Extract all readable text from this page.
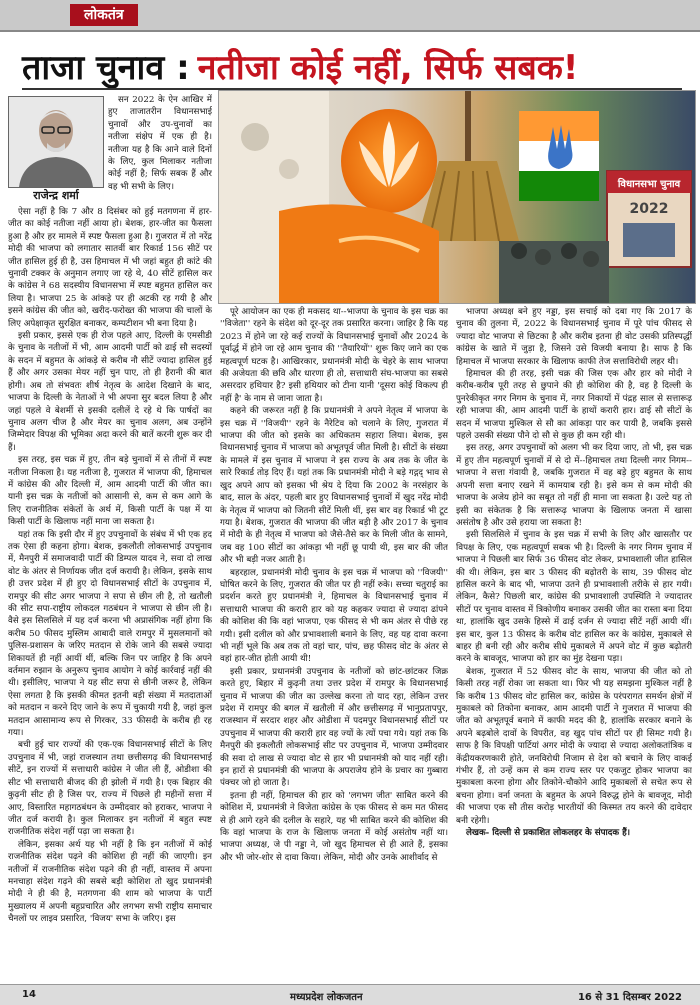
लोकतंत्र
ताजा चुनाव : नतीजा कोई नहीं, सिर्फ सबक!
राजेन्द्र शर्मा

सन 2022 के ऐन आखिर में हुए ताजातरीन विधानसभाई चुनावों और उप-चुनावों का नतीजा संक्षेप में एक ही है। नतीजा यह है कि आने वाले दिनों के लिए, कुल मिलाकर नतीजा कोई नहीं है; सिर्फ सबक हैं और वह भी सभी के लिए।

ऐसा नहीं है कि 7 और 8 दिसंबर को हुई मतगणना में हार-जीत का कोई नतीजा नहीं आया हो। बेशक, हार-जीत का फैसला हुआ है और हर मामले में स्पष्ट फैसला हुआ है। गुजरात में तो नरेंद्र मोदी की भाजपा को लगातार सातवीं बार रिकार्ड 156 सीटें पर जीत हासिल हुई ही है, उस हिमाचल में भी जहां बहुत ही कांटे की चुनावी टक्कर के अनुमान लगाए जा रहे थे, 40 सीटें हासिल कर के कांग्रेस ने 68 सदस्यीय विधानसभा में स्पष्ट बहुमत हासिल कर लिया है। भाजपा 25 के आंकड़े पर ही अटकी रह गयी है और इसने कांग्रेस की जीत को, खरीद-फरोख्त की भाजपा की चालों के लिए अपेक्षाकृत सुरक्षित बनाकर, कम्पटीशन भी बना दिया है।

इसी प्रकार, इससे एक ही रोज पहले आए, दिल्ली के एमसीडी के चुनाव के नतीजों में भी, आम आदमी पार्टी को ढाई सौ सदस्यों के सदन में बहुमत के आंकड़े से करीब नौ सीटें ज्यादा हासिल हुई हैं और अगर उसका मेयर नहीं चुन पाए, तो ही हैरानी की बात होगी। अब तो संभवतः शीर्ष नेतृत्व के आदेश दिखाने के बाद, भाजपा के दिल्ली के नेताओं ने भी अपना सुर बदल लिया है और जहां पहले वे बेशर्मी से इसकी दलीलें दे रहे थे कि पार्षदों का चुनाव अलग चीज है और मेयर का चुनाव अलग, अब उन्होंने जिम्मेदार विपक्ष की भूमिका अदा करने की बातें करनी शुरू कर दी हैं।

इस तरह, इस चक्र में हुए, तीन बड़े चुनावों में से तीनों में स्पष्ट नतीजा निकला है। यह नतीजा है, गुजरात में भाजपा की, हिमाचल में कांग्रेस की और दिल्ली में, आम आदमी पार्टी की जीत का। यानी इस चक्र के नतीजों को आसानी से, कम से कम आगे के लिए राजनीतिक संकेतों के अर्थ में, किसी पार्टी के पक्ष में या किसी पार्टी के खिलाफ नहीं माना जा सकता है।

यहां तक कि इसी दौर में हुए उपचुनावों के संबंध में भी एक हद तक ऐसा ही कहना होगा। बेशक, इकलौती लोकसभाई उपचुनाव में, मैनपुरी में समाजवादी पार्टी की डिम्पल यादव ने, सवा दो लाख वोट के अंतर से निर्णायक जीत दर्ज करायी है। लेकिन, इसके साथ ही उत्तर प्रदेश में ही हुए दो विधानसभाई सीटों के उपचुनाव में, रामपुर की सीट अगर भाजपा ने सपा से छीन ली है, तो खतौली की सीट सपा-राष्ट्रीय लोकदल गठबंधन ने भाजपा से छीन ली है। वैसे इस सिलसिले में यह दर्ज करना भी अप्रासंगिक नहीं होगा कि करीब 50 फीसद मुस्लिम आबादी वाले रामपुर में मुसलमानों को पुलिस-प्रशासन के जरिए मतदान से रोके जाने की सबसे ज्यादा शिकायतें ही नहीं आयीं थीं, बल्कि जिन पर जाहिर है कि अपने वर्तमान रुझान के अनुरूप चुनाव आयोग ने कोई कार्रवाई नहीं की थी। इसीलिए, भाजपा ने यह सीट सपा से छीनी जरूर है, लेकिन ऐसा लगता है कि इसकी कीमत इतनी बड़ी संख्या में मतदाताओं को मतदान न करने दिए जाने के रूप में चुकायी गयी है, जहां कुल मतदान आसामान्य रूप से गिरकर, 33 फीसदी के करीब ही रह गया।

बची हुई चार राज्यों की एक-एक विधानसभाई सीटों के लिए उपचुनाव में भी, जहां राजस्थान तथा छत्तीसगढ़ की विधानसभाई सीटें, इन राज्यों में सत्ताधारी कांग्रेस ने जीत ली हैं, ओडीशा की सीट भी सत्ताधारी बीजद की ही झोली में गयी है। एक बिहार की कुढ़नी सीट ही है जिस पर, राज्य में पिछले ही महीनों सत्ता में आए, विस्तारित महागठबंधन के उम्मीदवार को हराकर, भाजपा ने जीत दर्ज करायी है। कुल मिलाकर इन नतीजों में बहुत स्पष्ट राजनीतिक संदेश नहीं पढ़ा जा सकता है।

लेकिन, इसका अर्थ यह भी नहीं है कि इन नतीजों में कोई राजनीतिक संदेश पढ़ने की कोशिश ही नहीं की जाएगी। इन नतीजों में राजनीतिक संदेश पढ़ने की ही नहीं, वास्तव में अपना मनचाहा संदेश गढ़ने की सबसे बड़ी कोशिश तो खुद प्रधानमंत्री मोदी ने ही की है, मतगणना की शाम को भाजपा के पार्टी मुख्यालय में अपनी बहुप्रचारित और लगभग सभी राष्ट्रीय समाचार चैनलों पर लाइव प्रसारित, 'विजय' सभा के जरिए। इस

विधानसभा चुनाव
2022

पूरे आयोजन का एक ही मकसद था--भाजपा के चुनाव के इस चक्र का ''विजेता'' रहने के संदेश को दूर-दूर तक प्रसारित करना। जाहिर है कि यह 2023 में होने जा रहे कई राज्यों के विधानसभाई चुनावों और 2024 के पूर्वार्द्ध में होने जा रहे आम चुनाव की ''तैयारियों'' शुरू किए जाने का एक महत्वपूर्ण घटक है। आखिरकार, प्रधानमंत्री मोदी के चेहरे के साथ भाजपा की अजेयता की छवि और धारणा ही तो, सत्ताधारी संघ-भाजपा का सबसे असरदार हथियार है? इसी हथियार को टीना यानी 'दूसरा कोई विकल्प ही नहीं है' के नाम से जाना जाता है।

कहने की जरूरत नहीं है कि प्रधानमंत्री ने अपने नेतृत्व में भाजपा के इस चक्र में ''विजयी'' रहने के नैरेटिव को चलाने के लिए, गुजरात में भाजपा की जीत को इसके का अधिकतम सहारा लिया। बेशक, इस विधानसभाई चुनाव में भाजपा को अभूतपूर्व जीत मिली है। सीटों के संख्या के मामले में इस चुनाव में भाजपा ने इस राज्य के अब तक के जीत के सारे रिकार्ड तोड़ दिए हैं। यहां तक कि प्रधानमंत्री मोदी ने बड़े गद्गद् भाव से खुद अपने आप को इसका भी श्रेय दे दिया कि 2002 के नरसंहार के बाद, साल के अंदर, पहली बार हुए विधानसभाई चुनावों में खुद नरेंद्र मोदी के नेतृत्व में भाजपा को जितनी सीटें मिली थीं, इस बार वह रिकार्ड भी टूट गया है। बेशक, गुजरात की भाजपा की जीत बड़ी है और 2017 के चुनाव में मोदी के ही नेतृत्व में भाजपा को जैसे-तैसे कर के मिली जीत के सामने, जब वह 100 सीटों का आंकड़ा भी नहीं छू पायी थी, इस बार की जीत और भी बड़ी नजर आती है।

बहरहाल, प्रधानमंत्री मोदी चुनाव के इस चक्र में भाजपा को ''विजयी'' घोषित करने के लिए, गुजरात की जीत पर ही नहीं रुके। सच्चा चतुराई का प्रदर्शन करते हुए प्रधानमंत्री ने, हिमाचल के विधानसभाई चुनाव में सत्ताधारी भाजपा की करारी हार को यह कहकर ज्यादा से ज्यादा ढांपने की कोशिश की कि वहां भाजपा, एक फीसद से भी कम अंतर से पीछे रह गयी। इसी दलील को और प्रभावशाली बनाने के लिए, वह यह दावा करना भी नहीं भूले कि अब तक तो वहां चार, पांच, छह फीसद वोट के अंतर से वहां हार-जीत होती आयी थी!

इसी प्रकार, प्रधानमंत्री उपचुनाव के नतीजों को छांट-छांटकर जिक्र करते हुए, बिहार में कुढ़नी तथा उत्तर प्रदेश में रामपुर के विधानसभाई चुनाव में भाजपा की जीत का उल्लेख करना तो याद रहा, लेकिन उत्तर प्रदेश में रामपुर की बगल में खतौली में और छत्तीसगढ़ में भानुप्रतापपुर, राजस्थान में सरदार शहर और ओडीशा में पदमपुर विधानसभाई सीटों पर उपचुनाव में भाजपा की करारी हार वह ज्यों के त्यों पचा गये। यहां तक कि मैनपुरी की इकलौती लोकसभाई सीट पर उपचुनाव में, भाजपा उम्मीदवार की सवा दो लाख से ज्यादा वोट से हार भी प्रधानमंत्री को याद नहीं रही। इन हारों से प्रधानमंत्री की भाजपा के अपराजेय होने के प्रचार का गुब्बारा पंक्चर जो हो जाता है।

इतना ही नहीं, हिमाचल की हार को 'लगभग जीत' साबित करने की कोशिश में, प्रधानमंत्री ने विजेता कांग्रेस के एक फीसद से कम मत फीसद से ही आगे रहने की दलील के सहारे, यह भी साबित करने की कोशिश की कि वहां भाजपा के राज के खिलाफ जनता में कोई असंतोष नहीं था। भाजपा अध्यक्ष, जे पी नड्डा ने, जो खुद हिमाचल से ही आते हैं, इसका और भी जोर-शोर से दावा किया। लेकिन, मोदी और उनके आशीर्वाद से

भाजपा अध्यक्ष बने हुए नड्डा, इस सचाई को दबा गए कि 2017 के चुनाव की तुलना में, 2022 के विधानसभाई चुनाव में पूरे पांच फीसद से ज्यादा वोट भाजपा से छिटका है और करीब इतना ही वोट उसकी प्रतिस्पर्द्धी कांग्रेस के खाते में जुड़ा है, जिसने उसे विजयी बनाया है। साफ है कि हिमाचल में भाजपा सरकार के खिलाफ काफी तेज सत्ताविरोधी लहर थी।

हिमाचल की ही तरह, इसी चक्र की जिस एक और हार को मोदी ने करीब-करीब पूरी तरह से छुपाने की ही कोशिश की है, वह है दिल्ली के पुनरेकीकृत नगर निगम के चुनाव में, नगर निकायों में पंद्रह साल से सत्तारूढ़ रही भाजपा की, आम आदमी पार्टी के हाथों करारी हार। ढाई सौ सीटों के सदन में भाजपा मुश्किल से सौ का आंकड़ा पार कर पायी है, जबकि इससे पहले उसकी संख्या पौने दो सौ से कुछ ही कम रही थी।

इस तरह, अगर उपचुनावों को अलग भी कर दिया जाए, तो भी, इस चक्र में हुए तीन महत्वपूर्ण चुनावों में से दो में--हिमाचल तथा दिल्ली नगर निगम--भाजपा ने सत्ता गंवायी है, जबकि गुजरात में वह बड़े हुए बहुमत के साथ अपनी सत्ता बनाए रखने में कामयाब रही है। इसे कम से कम मोदी की भाजपा के अजेय होने का सबूत तो नहीं ही माना जा सकता है। उल्टे यह तो इसी का संकेतक है कि सत्तारूढ़ भाजपा के खिलाफ जनता में खासा असंतोष है और उसे हराया जा सकता है!

इसी सिलसिले में चुनाव के इस चक्र में सभी के लिए और खासतौर पर विपक्ष के लिए, एक महत्वपूर्ण सबक भी है। दिल्ली के नगर निगम चुनाव में भाजपा ने पिछली बार सिर्फ 36 फीसद वोट लेकर, प्रभावशाली जीत हासिल की थी। लेकिन, इस बार 3 फीसद की बढ़ोतरी के साथ, 39 फीसद वोट हासिल करने के बाद भी, भाजपा उतने ही प्रभावशाली तरीके से हार गयी। लेकिन, कैसे? पिछली बार, कांग्रेस की प्रभावशाली उपस्थिति ने ज्यादातर सीटों पर चुनाव वास्तव में त्रिकोणीय बनाकर उसकी जीत का रास्ता बना दिया था, हालांकि खुद उसके हिस्से में ढाई दर्जन से ज्यादा सीटें नहीं आयी थीं। इस बार, कुल 13 फीसद के करीब वोट हासिल कर के कांग्रेस, मुकाबले से बाहर ही बनी रही और करीब सीधे मुकाबले में अपने वोट में कुछ बढ़ोतरी करने के बावजूद, भाजपा को हार का मुंह देखना पड़ा।

बेशक, गुजरात में 52 फीसद वोट के साथ, भाजपा की जीत को तो किसी तरह नहीं रोका जा सकता था। फिर भी यह समझना मुश्किल नहीं है कि करीब 13 फीसद वोट हासिल कर, कांग्रेस के परंपरागत समर्थन क्षेत्रों में मुकाबले को तिकोना बनाकर, आम आदमी पार्टी ने गुजरात में भाजपा की जीत को अभूतपूर्व बनाने में काफी मदद की है, हालांकि सरकार बनाने के अपने बढ़बोले दावों के विपरीत, वह खुद पांच सीटों पर ही सिमट गयी है। साफ है कि विपक्षी पार्टियां अगर मोदी के ज्यादा से ज्यादा अलोकतांत्रिक व केंद्रीयकरणकारी होते, जनविरोधी निजाम से देश को बचाने के लिए वाकई गंभीर हैं, तो उन्हें कम से कम राज्य स्तर पर एकजुट होकर भाजपा का मुकाबला करना होगा और तिकोने-चौकोने आदि मुकाबलों से सचेत रूप से बचना होगा। वर्ना जनता के बहुमत के अपने विरुद्ध होने के बावजूद, मोदी की भाजपा एक सौ तीस करोड़ भारतीयों की किस्मत तय करने की दावेदार बनी रहेगी।

लेखक- दिल्ली से प्रकाशित लोकलहर के संपादक हैं।

14	मध्यप्रदेश लोकजतन	16 से 31 दिसम्बर 2022
